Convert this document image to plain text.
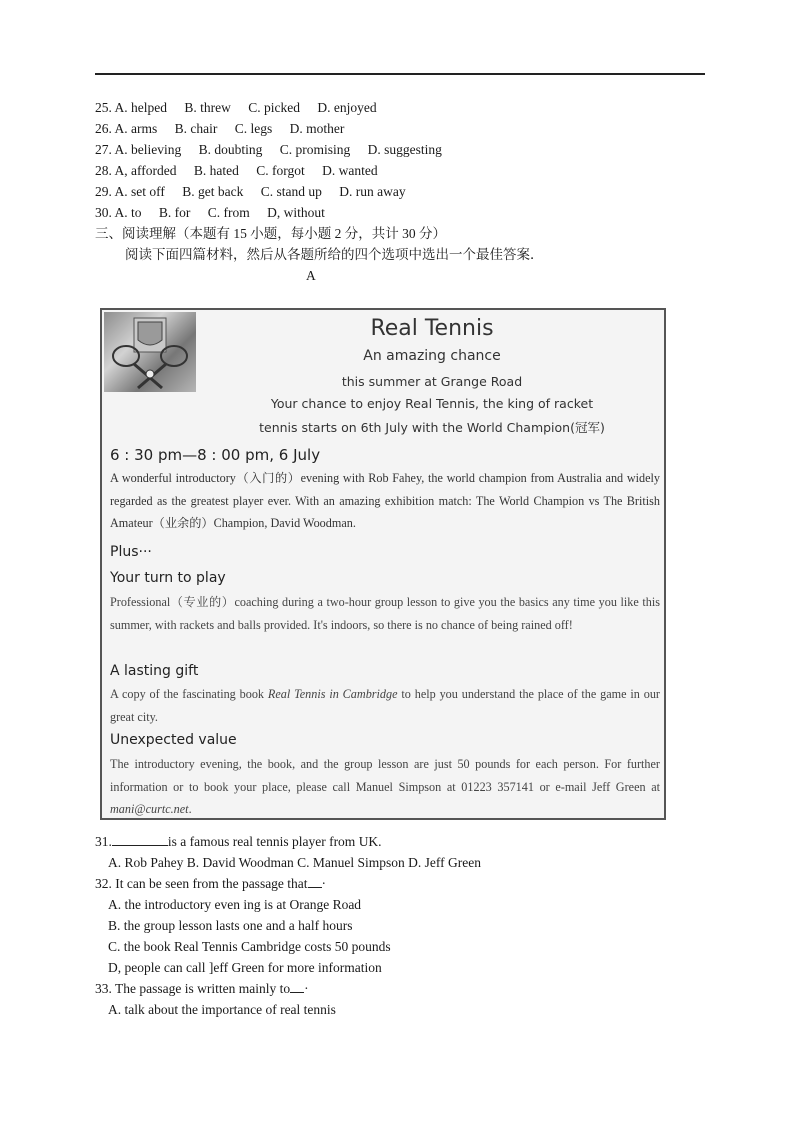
25. A. helped B. threw C. picked D. enjoyed
26. A. arms B. chair C. legs D. mother
27. A. believing B. doubting C. promising D. suggesting
28. A, afforded B. hated C. forgot D. wanted
29. A. set off B. get back C. stand up D. run away
30. A. to B. for C. from D, without
三、阅读理解（本题有 15 小题，每小题 2 分，共计 30 分）
阅读下面四篇材料，然后从各题所给的四个选项中选出一个最佳答案．
A
Real Tennis
An amazing chance
this summer at Grange Road
Your chance to enjoy Real Tennis, the king of racket
tennis starts on 6th July with the World Champion(冠军)
6 : 30 pm—8 : 00 pm, 6 July
A wonderful introductory（入门的）evening with Rob Fahey, the world champion from Australia and widely regarded as the greatest player ever. With an amazing exhibition match: The World Champion vs The British Amateur（业余的）Champion, David Woodman.
Plus···
Your turn to play
Professional（专业的）coaching during a two-hour group lesson to give you the basics any time you like this summer, with rackets and balls provided. It's indoors, so there is no chance of being rained off!
A lasting gift
A copy of the fascinating book Real Tennis in Cambridge to help you understand the place of the game in our great city.
Unexpected value
The introductory evening, the book, and the group lesson are just 50 pounds for each person. For further information or to book your place, please call Manuel Simpson at 01223 357141 or e-mail Jeff Green at mani@curtc.net.
31.	is a famous real tennis player from UK.
A. Rob Pahey B. David Woodman C. Manuel Simpson D. Jeff Green
32. It can be seen from the passage that ·
A. the introductory even ing is at Orange Road
B. the group lesson lasts one and a half hours
C. the book Real Tennis Cambridge costs 50 pounds
D, people can call ]eff Green for more information
33. The passage is written mainly to ·
A. talk about the importance of real tennis
